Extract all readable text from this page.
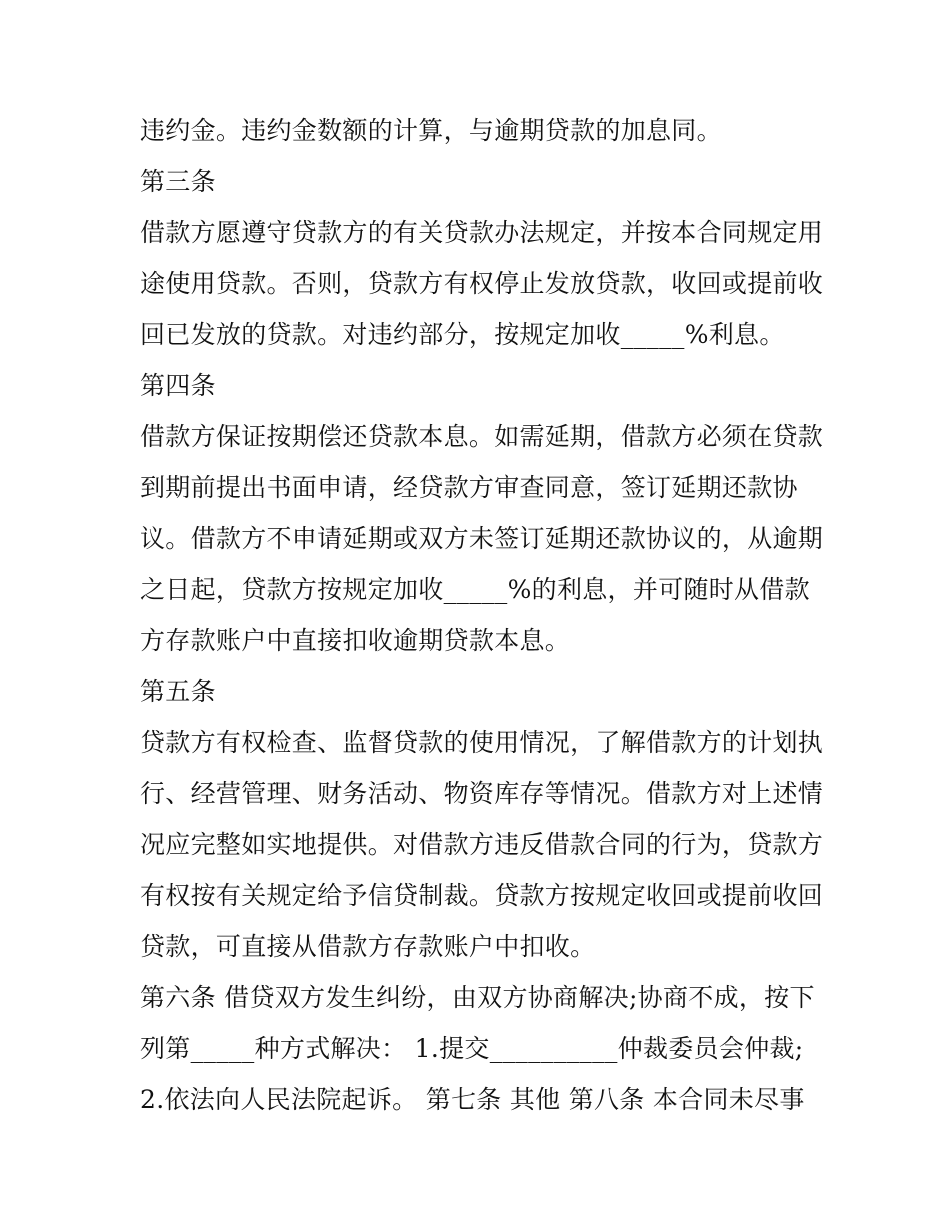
违约金。违约金数额的计算，与逾期贷款的加息同。
第三条
借款方愿遵守贷款方的有关贷款办法规定，并按本合同规定用
途使用贷款。否则，贷款方有权停止发放贷款，收回或提前收
回已发放的贷款。对违约部分，按规定加收_____%利息。
第四条
借款方保证按期偿还贷款本息。如需延期，借款方必须在贷款
到期前提出书面申请，经贷款方审查同意，签订延期还款协
议。借款方不申请延期或双方未签订延期还款协议的，从逾期
之日起，贷款方按规定加收_____%的利息，并可随时从借款
方存款账户中直接扣收逾期贷款本息。
第五条
贷款方有权检查、监督贷款的使用情况，了解借款方的计划执
行、经营管理、财务活动、物资库存等情况。借款方对上述情
况应完整如实地提供。对借款方违反借款合同的行为，贷款方
有权按有关规定给予信贷制裁。贷款方按规定收回或提前收回
贷款，可直接从借款方存款账户中扣收。
第六条 借贷双方发生纠纷，由双方协商解决;协商不成，按下
列第_____种方式解决： 1.提交__________仲裁委员会仲裁;
2.依法向人民法院起诉。 第七条 其他 第八条 本合同未尽事
